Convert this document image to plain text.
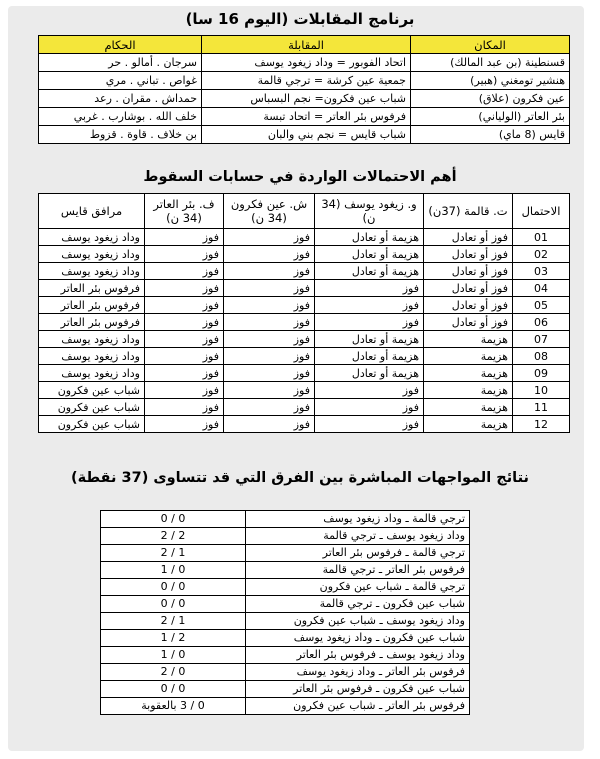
برنامج المقابلات (اليوم 16 سا)
المكان	المقابلة	الحكام
قسنطينة (بن عبد المالك)	اتحاد الفوبور = وداد زيغود يوسف	سرجان . أمالو . حر
هنشير تومغني (هبير)	جمعية عين كرشة = ترجي قالمة	غواص . تباني . مري
عين فكرون (علاق)	شباب عين فكرون= نجم البسباس	حمداش . مقران . رعد
بئر العاتر (الولياني)	فرفوس بئر العاتر = اتحاد تبسة	خلف الله . بوشارب . غربي
قايس (8 ماي)	شباب قايس = نجم بني والبان	بن خلاف . قاوة . قزوط
أهم الاحتمالات الواردة في حسابات السقوط
الاحتمال	ت. قالمة (37ن)	و. زيغود يوسف (34 ن)	ش. عين فكرون (34 ن)	ف. بئر العاتر (34 ن)	مرافق قايس
01	فوز أو تعادل	هزيمة أو تعادل	فوز	فوز	وداد زيغود يوسف
02	فوز أو تعادل	هزيمة أو تعادل	فوز	فوز	وداد زيغود يوسف
03	فوز أو تعادل	هزيمة أو تعادل	فوز	فوز	وداد زيغود يوسف
04	فوز أو تعادل	فوز	فوز	فوز	فرفوس بئر العاتر
05	فوز أو تعادل	فوز	فوز	فوز	فرفوس بئر العاتر
06	فوز أو تعادل	فوز	فوز	فوز	فرفوس بئر العاتر
07	هزيمة	هزيمة أو تعادل	فوز	فوز	وداد زيغود يوسف
08	هزيمة	هزيمة أو تعادل	فوز	فوز	وداد زيغود يوسف
09	هزيمة	هزيمة أو تعادل	فوز	فوز	وداد زيغود يوسف
10	هزيمة	فوز	فوز	فوز	شباب عين فكرون
11	هزيمة	فوز	فوز	فوز	شباب عين فكرون
12	هزيمة	فوز	فوز	فوز	شباب عين فكرون
نتائج المواجهات المباشرة بين الفرق التي قد تتساوى (37 نقطة)
ترجي قالمة ـ وداد زيغود يوسف	0 / 0
وداد زيغود يوسف ـ ترجي قالمة	2 / 2
ترجي قالمة ـ فرفوس بئر العاتر	1 / 2
فرفوس بئر العاتر ـ ترجي قالمة	0 / 1
ترجي قالمة ـ شباب عين فكرون	0 / 0
شباب عين فكرون ـ ترجي قالمة	0 / 0
وداد زيغود يوسف ـ شباب عين فكرون	1 / 2
شباب عين فكرون ـ وداد زيغود يوسف	2 / 1
وداد زيغود يوسف ـ فرفوس بئر العاتر	0 / 1
فرفوس بئر العاتر ـ وداد زيغود يوسف	0 / 2
شباب عين فكرون ـ فرفوس بئر العاتر	0 / 0
فرفوس بئر العاتر ـ شباب عين فكرون	0 / 3 بالعقوبة
